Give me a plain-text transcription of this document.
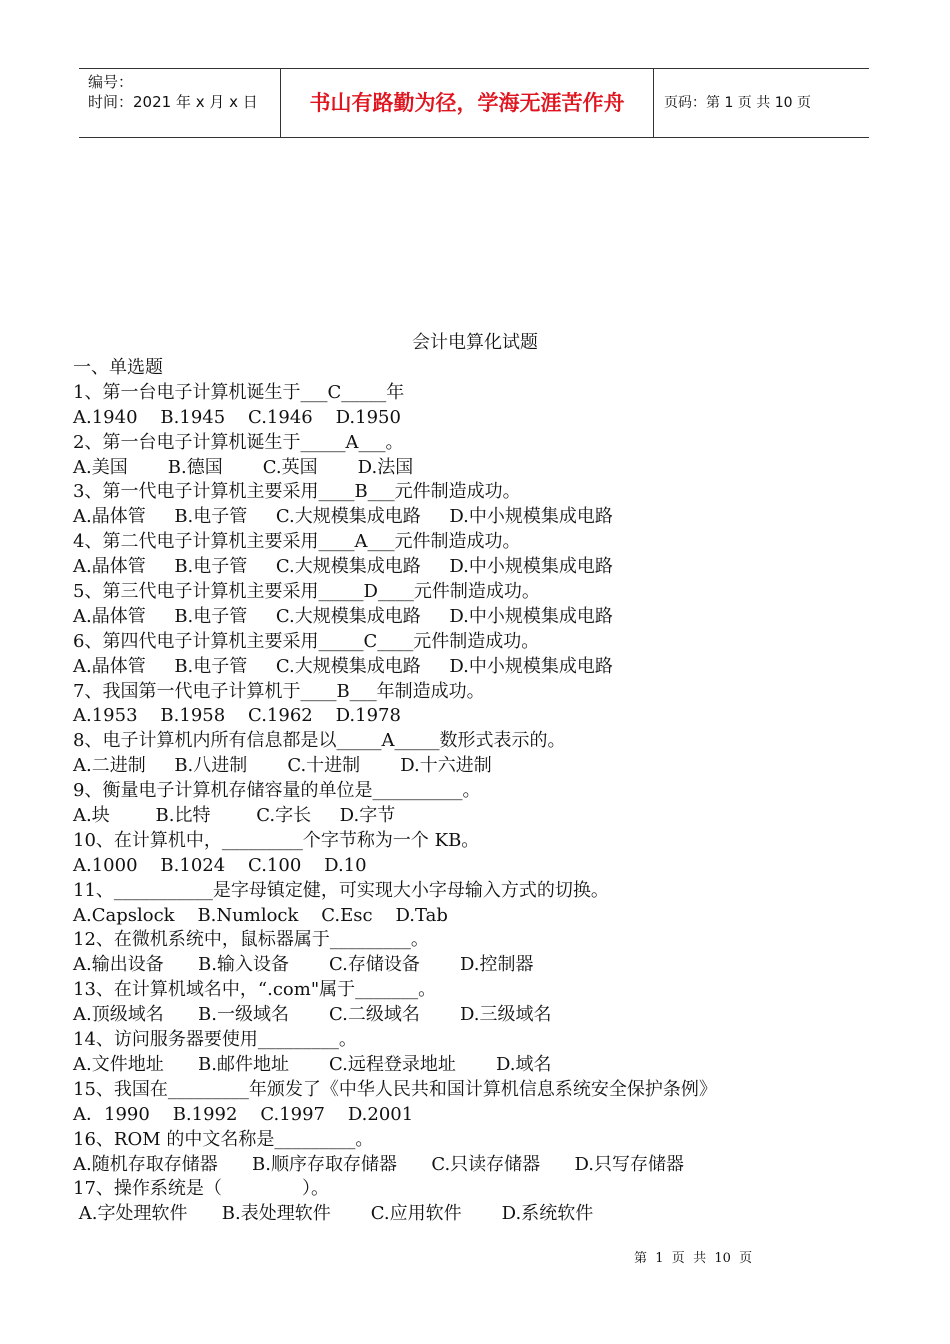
编号：
时间：2021 年 x 月 x 日	书山有路勤为径，学海无涯苦作舟	页码：第 1 页 共 10 页
会计电算化试题
一、单选题
1、第一台电子计算机诞生于___C_____年
A.1940    B.1945    C.1946    D.1950
2、第一台电子计算机诞生于_____A___。
A.美国       B.德国       C.英国       D.法国
3、第一代电子计算机主要采用____B___元件制造成功。
A.晶体管     B.电子管     C.大规模集成电路     D.中小规模集成电路
4、第二代电子计算机主要采用____A___元件制造成功。
A.晶体管     B.电子管     C.大规模集成电路     D.中小规模集成电路
5、第三代电子计算机主要采用_____D____元件制造成功。
A.晶体管     B.电子管     C.大规模集成电路     D.中小规模集成电路
6、第四代电子计算机主要采用_____C____元件制造成功。
A.晶体管     B.电子管     C.大规模集成电路     D.中小规模集成电路
7、我国第一代电子计算机于____B___年制造成功。
A.1953    B.1958    C.1962    D.1978
8、电子计算机内所有信息都是以_____A_____数形式表示的。
A.二进制     B.八进制       C.十进制       D.十六进制
9、衡量电子计算机存储容量的单位是__________。
A.块        B.比特        C.字长     D.字节
10、在计算机中，_________个字节称为一个 KB。
A.1000    B.1024    C.100    D.10
11、___________是字母镇定健，可实现大小字母输入方式的切换。
A.Capslock    B.Numlock    C.Esc    D.Tab
12、在微机系统中，鼠标器属于_________。
A.输出设备      B.输入设备       C.存储设备       D.控制器
13、在计算机域名中，“.com"属于_______。
A.顶级域名      B.一级域名       C.二级域名       D.三级域名
14、访问服务器要使用_________。
A.文件地址      B.邮件地址       C.远程登录地址       D.域名
15、我国在_________年颁发了《中华人民共和国计算机信息系统安全保护条例》
A．1990    B.1992    C.1997    D.2001
16、ROM 的中文名称是_________。
A.随机存取存储器      B.顺序存取存储器      C.只读存储器      D.只写存储器
17、操作系统是（              ）。
A.字处理软件      B.表处理软件       C.应用软件       D.系统软件
第  1  页  共  10  页
